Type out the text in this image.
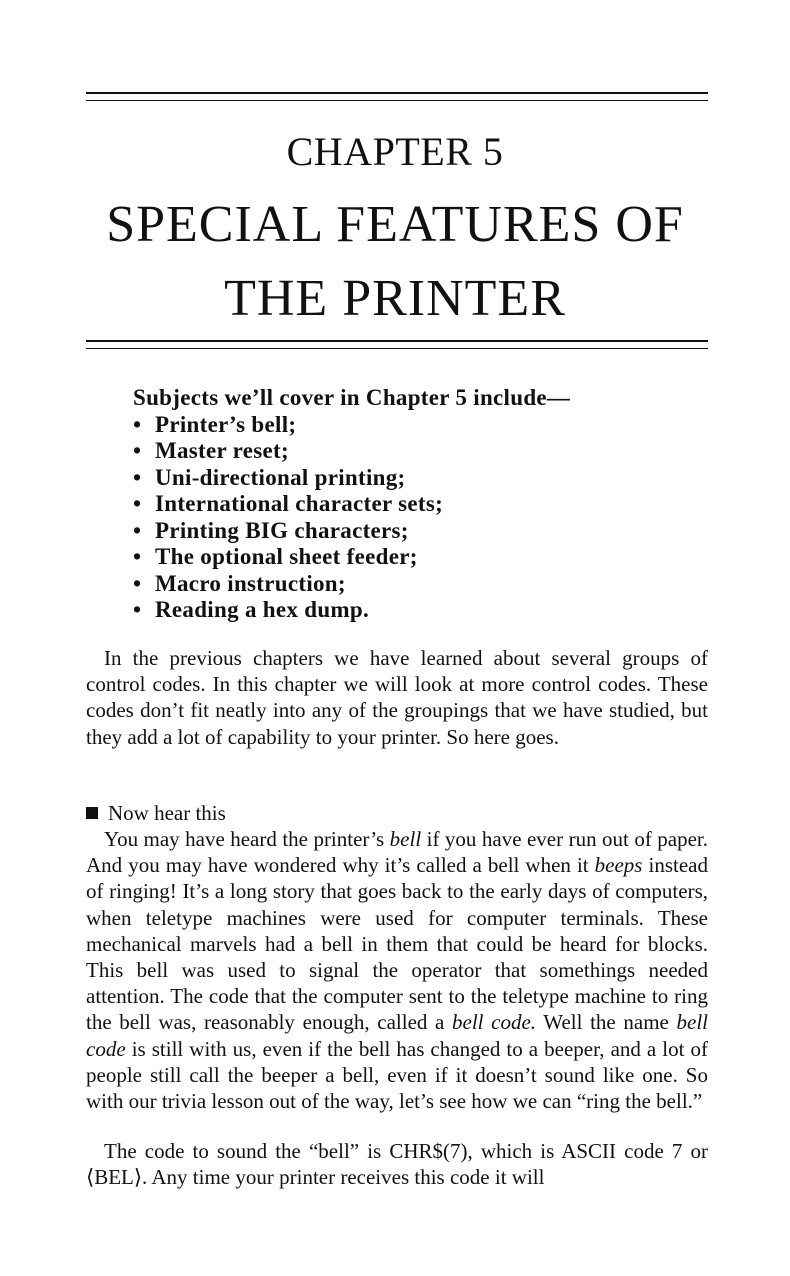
CHAPTER 5
SPECIAL FEATURES OF
THE PRINTER
Subjects we’ll cover in Chapter 5 include—
• Printer’s bell;
• Master reset;
• Uni-directional printing;
• International character sets;
• Printing BIG characters;
• The optional sheet feeder;
• Macro instruction;
• Reading a hex dump.

In the previous chapters we have learned about several groups of control codes. In this chapter we will look at more control codes. These codes don’t fit neatly into any of the groupings that we have studied, but they add a lot of capability to your printer. So here goes.

Now hear this

You may have heard the printer’s bell if you have ever run out of paper. And you may have wondered why it’s called a bell when it beeps instead of ringing! It’s a long story that goes back to the early days of computers, when teletype machines were used for computer terminals. These mechanical marvels had a bell in them that could be heard for blocks. This bell was used to signal the operator that somethings needed attention. The code that the computer sent to the teletype machine to ring the bell was, reasonably enough, called a bell code. Well the name bell code is still with us, even if the bell has changed to a beeper, and a lot of people still call the beeper a bell, even if it doesn’t sound like one. So with our trivia lesson out of the way, let’s see how we can “ring the bell.”

The code to sound the “bell” is CHR$(7), which is ASCII code 7 or ⟨BEL⟩. Any time your printer receives this code it will
